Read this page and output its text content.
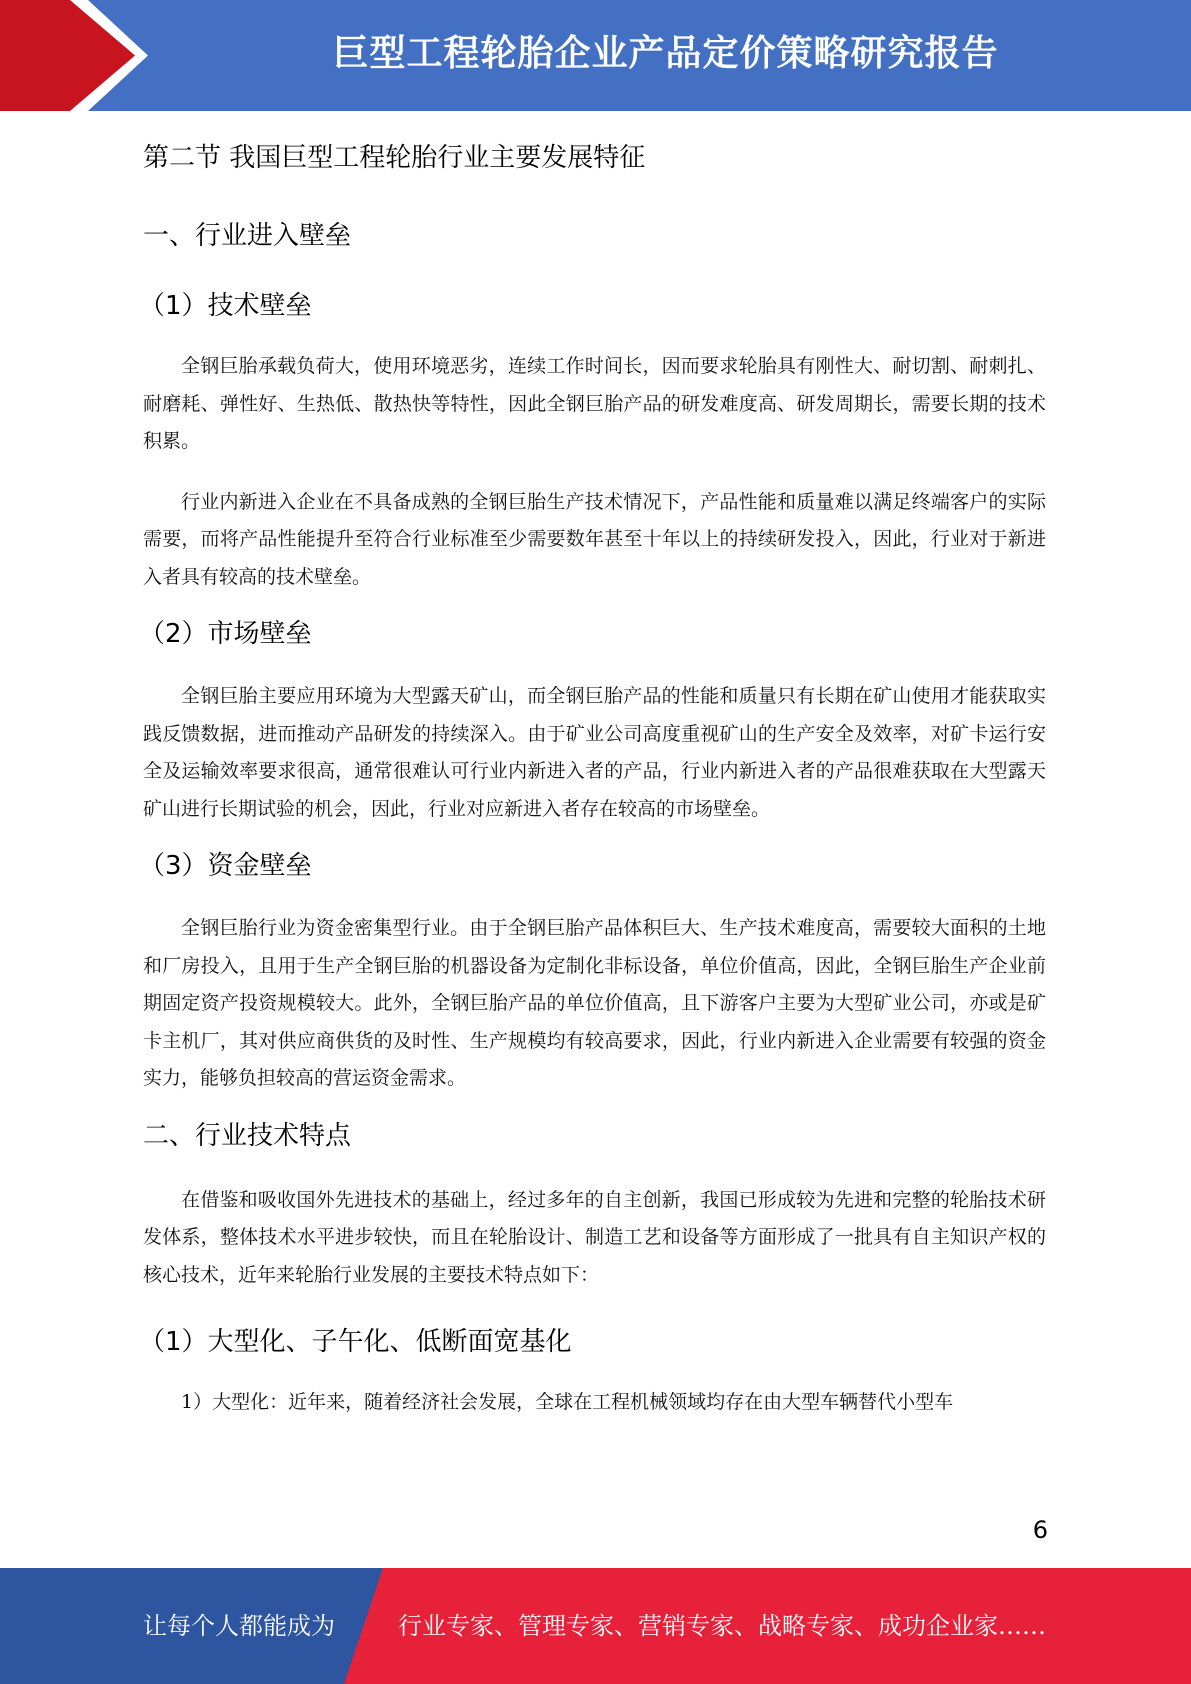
巨型工程轮胎企业产品定价策略研究报告
第二节 我国巨型工程轮胎行业主要发展特征
一、行业进入壁垒
（1）技术壁垒

全钢巨胎承载负荷大，使用环境恶劣，连续工作时间长，因而要求轮胎具有刚性大、耐切割、耐刺扎、耐磨耗、弹性好、生热低、散热快等特性，因此全钢巨胎产品的研发难度高、研发周期长，需要长期的技术积累。

行业内新进入企业在不具备成熟的全钢巨胎生产技术情况下，产品性能和质量难以满足终端客户的实际需要，而将产品性能提升至符合行业标准至少需要数年甚至十年以上的持续研发投入，因此，行业对于新进入者具有较高的技术壁垒。

（2）市场壁垒

全钢巨胎主要应用环境为大型露天矿山，而全钢巨胎产品的性能和质量只有长期在矿山使用才能获取实践反馈数据，进而推动产品研发的持续深入。由于矿业公司高度重视矿山的生产安全及效率，对矿卡运行安全及运输效率要求很高，通常很难认可行业内新进入者的产品，行业内新进入者的产品很难获取在大型露天矿山进行长期试验的机会，因此，行业对应新进入者存在较高的市场壁垒。

（3）资金壁垒

全钢巨胎行业为资金密集型行业。由于全钢巨胎产品体积巨大、生产技术难度高，需要较大面积的土地和厂房投入，且用于生产全钢巨胎的机器设备为定制化非标设备，单位价值高，因此，全钢巨胎生产企业前期固定资产投资规模较大。此外，全钢巨胎产品的单位价值高，且下游客户主要为大型矿业公司，亦或是矿卡主机厂，其对供应商供货的及时性、生产规模均有较高要求，因此，行业内新进入企业需要有较强的资金实力，能够负担较高的营运资金需求。

二、行业技术特点

在借鉴和吸收国外先进技术的基础上，经过多年的自主创新，我国已形成较为先进和完整的轮胎技术研发体系，整体技术水平进步较快，而且在轮胎设计、制造工艺和设备等方面形成了一批具有自主知识产权的核心技术，近年来轮胎行业发展的主要技术特点如下：

（1）大型化、子午化、低断面宽基化

1）大型化：近年来，随着经济社会发展，全球在工程机械领域均存在由大型车辆替代小型车

6
让每个人都能成为	行业专家、管理专家、营销专家、战略专家、成功企业家……
